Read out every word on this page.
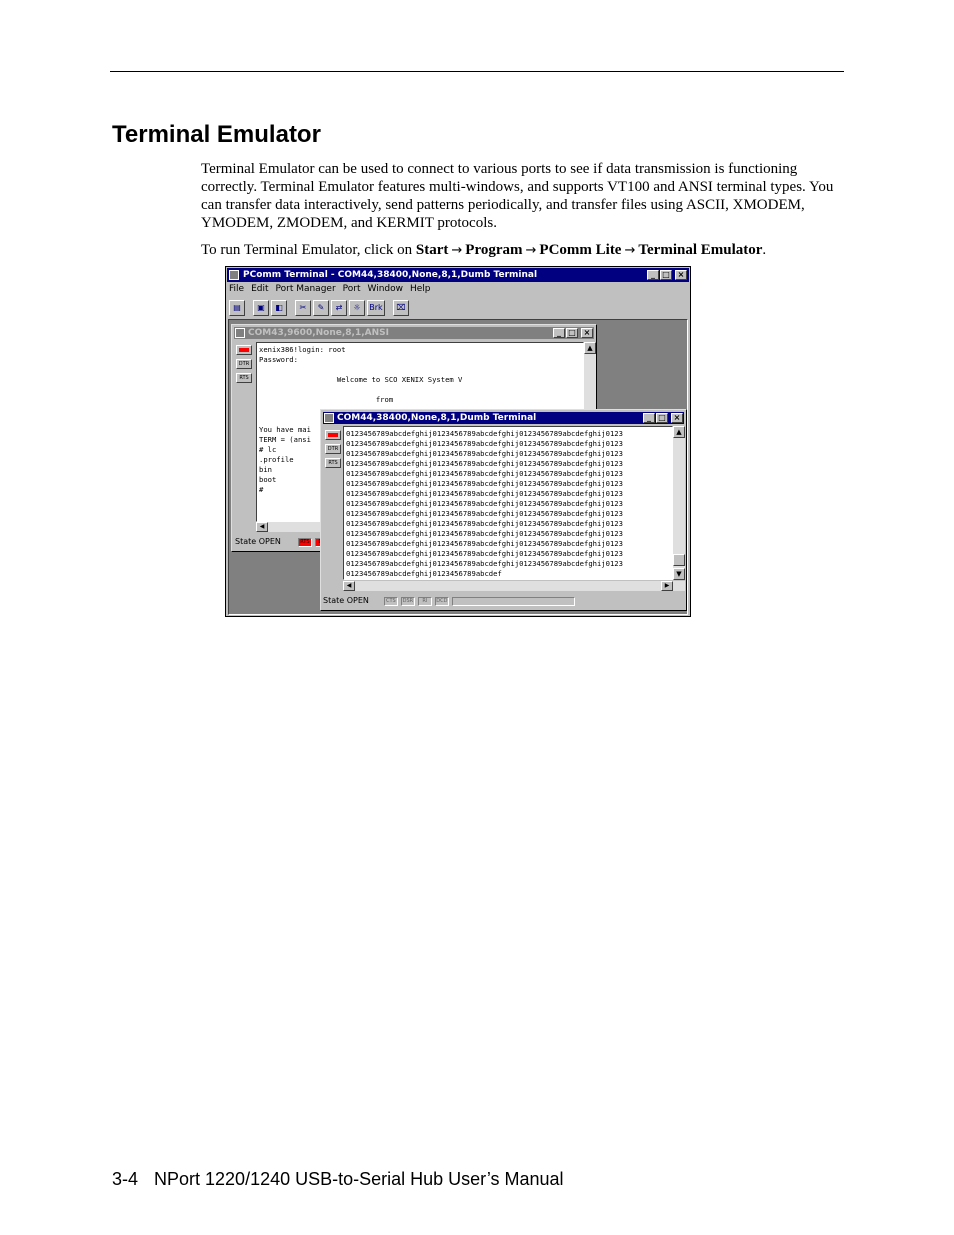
Terminal Emulator

Terminal Emulator can be used to connect to various ports to see if data transmission is functioning correctly. Terminal Emulator features multi-windows, and supports VT100 and ANSI terminal types. You can transfer data interactively, send patterns periodically, and transfer files using ASCII, XMODEM, YMODEM, ZMODEM, and KERMIT protocols.

To run Terminal Emulator, click on Start → Program → PComm Lite → Terminal Emulator.

PComm Terminal - COM44,38400,None,8,1,Dumb Terminal	_ □ ×
File Edit Port Manager Port Window Help
▤	▣	◧	✂	✎	⇄	☼	Brk	⌧
COM43,9600,None,8,1,ANSI	_ □ ×
DTR
RTS
xenix386!login: root
Password:

Welcome to SCO XENIX System V

from

You have mai
TERM = (ansi
# lc
.profile
bin
boot
#
▲
◀
State OPEN	RTS
COM44,38400,None,8,1,Dumb Terminal	_ □ ×
DTR
RTS
0123456789abcdefghij0123456789abcdefghij0123456789abcdefghij0123
0123456789abcdefghij0123456789abcdefghij0123456789abcdefghij0123
0123456789abcdefghij0123456789abcdefghij0123456789abcdefghij0123
0123456789abcdefghij0123456789abcdefghij0123456789abcdefghij0123
0123456789abcdefghij0123456789abcdefghij0123456789abcdefghij0123
0123456789abcdefghij0123456789abcdefghij0123456789abcdefghij0123
0123456789abcdefghij0123456789abcdefghij0123456789abcdefghij0123
0123456789abcdefghij0123456789abcdefghij0123456789abcdefghij0123
0123456789abcdefghij0123456789abcdefghij0123456789abcdefghij0123
0123456789abcdefghij0123456789abcdefghij0123456789abcdefghij0123
0123456789abcdefghij0123456789abcdefghij0123456789abcdefghij0123
0123456789abcdefghij0123456789abcdefghij0123456789abcdefghij0123
0123456789abcdefghij0123456789abcdefghij0123456789abcdefghij0123
0123456789abcdefghij0123456789abcdefghij0123456789abcdefghij0123
0123456789abcdefghij0123456789abcdef
▲
▼
◀	▶
State OPEN	CTS	DSR	RI	DCD
3-4 NPort 1220/1240 USB-to-Serial Hub User’s Manual
